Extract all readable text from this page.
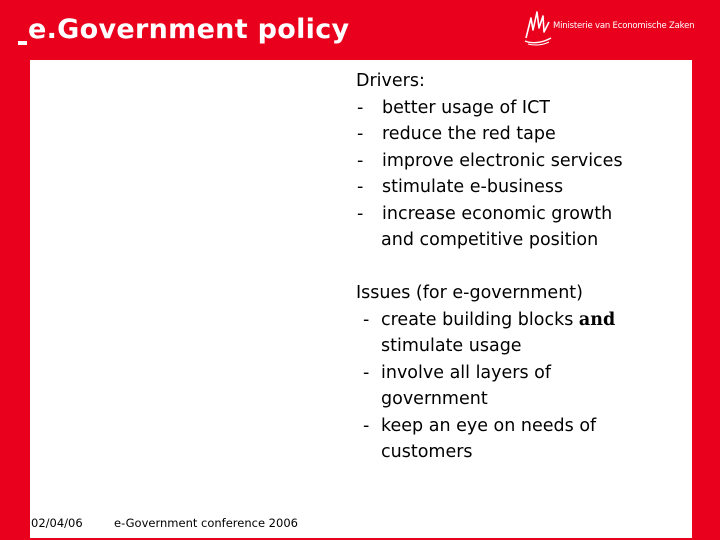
e.Government policy	Ministerie van Economische Zaken
Drivers:
- better usage of ICT
- reduce the red tape
- improve electronic services
- stimulate e-business
- increase economic growth
and competitive position
Issues (for e-government)
- create building blocks and
stimulate usage
- involve all layers of
government
- keep an eye on needs of
customers
02/04/06	e-Government conference 2006
